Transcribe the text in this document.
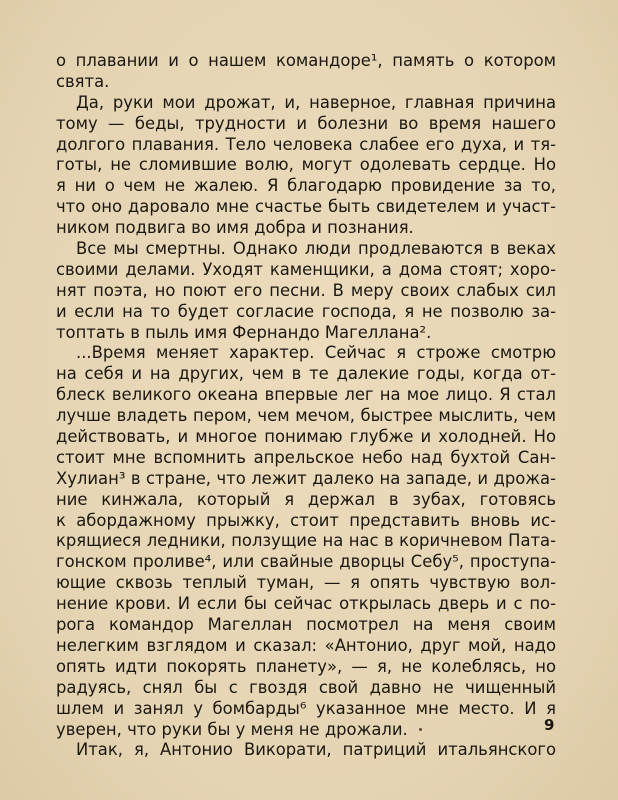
о плавании и о нашем командоре¹, память о котором
свята.
Да, руки мои дрожат, и, наверное, главная причина
тому — беды, трудности и болезни во время нашего
долгого плавания. Тело человека слабее его духа, и тя-
готы, не сломившие волю, могут одолевать сердце. Но
я ни о чем не жалею. Я благодарю провидение за то,
что оно даровало мне счастье быть свидетелем и участ-
ником подвига во имя добра и познания.
Все мы смертны. Однако люди продлеваются в веках
своими делами. Уходят каменщики, а дома стоят; хоро-
нят поэта, но поют его песни. В меру своих слабых сил
и если на то будет согласие господа, я не позволю за-
топтать в пыль имя Фернандо Магеллана².
...Время меняет характер. Сейчас я строже смотрю
на себя и на других, чем в те далекие годы, когда от-
блеск великого океана впервые лег на мое лицо. Я стал
лучше владеть пером, чем мечом, быстрее мыслить, чем
действовать, и многое понимаю глубже и холодней. Но
стоит мне вспомнить апрельское небо над бухтой Сан-
Хулиан³ в стране, что лежит далеко на западе, и дрожа-
ние кинжала, который я держал в зубах, готовясь
к абордажному прыжку, стоит представить вновь ис-
крящиеся ледники, ползущие на нас в коричневом Пата-
гонском проливе⁴, или свайные дворцы Себу⁵, проступа-
ющие сквозь теплый туман, — я опять чувствую вол-
нение крови. И если бы сейчас открылась дверь и с по-
рога командор Магеллан посмотрел на меня своим
нелегким взглядом и сказал: «Антонио, друг мой, надо
опять идти покорять планету», — я, не колеблясь, но
радуясь, снял бы с гвоздя свой давно не чищенный
шлем и занял у бомбарды⁶ указанное мне место. И я
уверен, что руки бы у меня не дрожали.
Итак, я, Антонио Викорати, патриций итальянского
9
